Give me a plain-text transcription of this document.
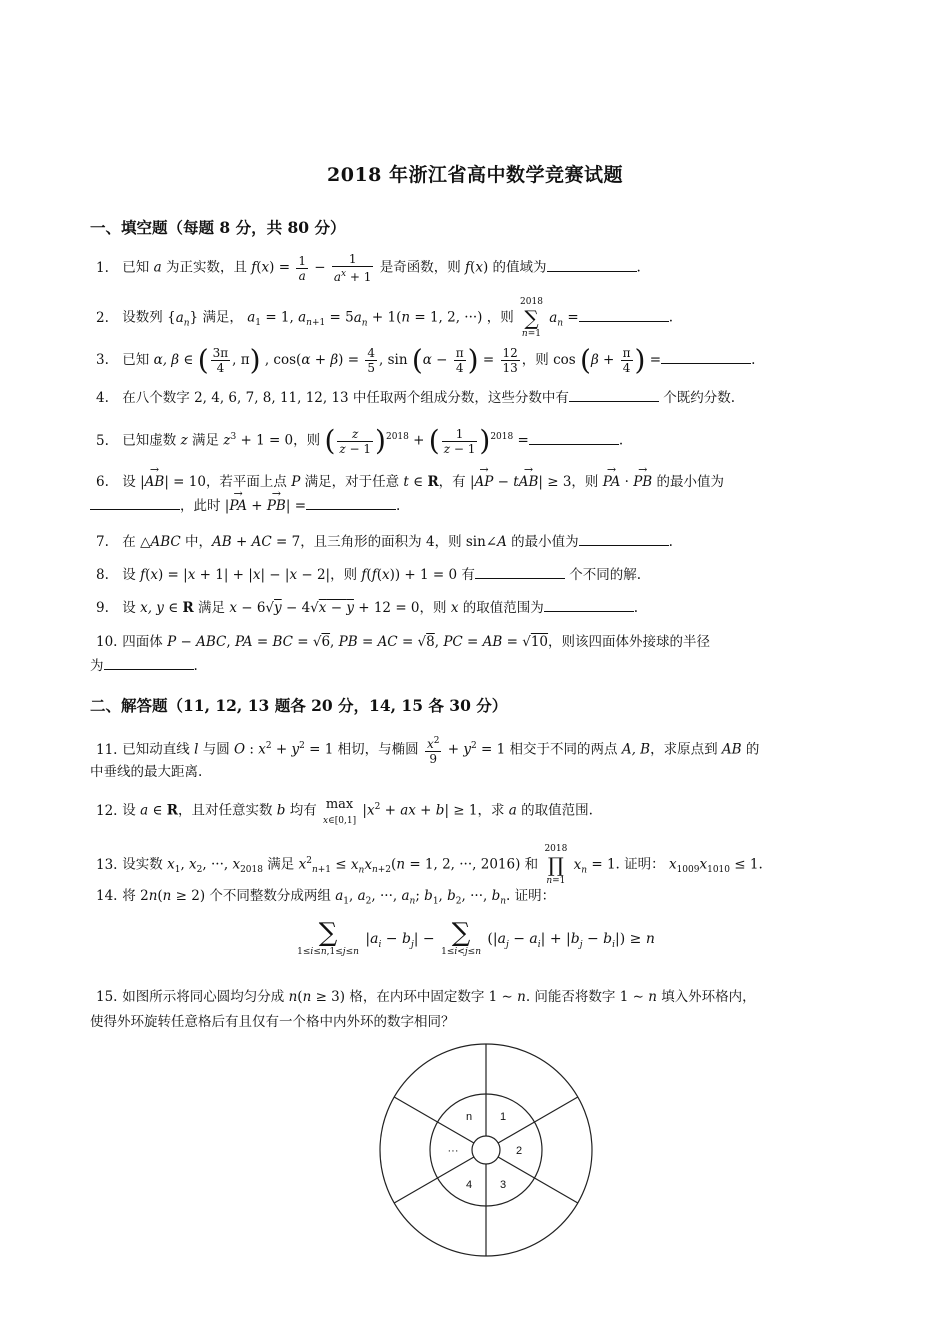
2018 年浙江省高中数学竞赛试题
一、填空题（每题 8 分，共 80 分）
1. 已知 a 为正实数，且 $f(x) = \frac{1}{a} - \frac{1}{a^x + 1}$ 是奇函数，则 f(x) 的值域为	.
2. 设数列 $\{a_n\}$ 满足， $a_1 = 1$, $a_{n+1} = 5a_n + 1(n = 1$, 2, ···) ，则
2018
∑
n=1
$a_n$ =	.
3. 已知 α, β ∈ ( $\frac{3\pi}{4}$ , π) , $\cos(\alpha + \beta) = \frac{4}{5}$ , $\sin (\alpha - \frac{\pi}{4}$ ) = $\frac{12}{13}$ ，则 $\cos (\beta + \frac{\pi}{4}$ ) =	.
4. 在八个数字 2, 4, 6, 7, 8, 11, 12, 13 中任取两个组成分数，这些分数中有	个既约分数.
5. 已知虚数 z 满足 $z^3 + 1 = 0$，则 ( $\frac{z}{z - 1} )^{2018}$ + ( $\frac{1}{z - 1} )^{2018}$ =	.
6. 设 |→ AB| = 10，若平面上点 P 满足，对于任意 t ∈ R，有 |→ AP − t→ AB| ≥ 3，则 → PA · → PB 的最小值为
，此时 |→ PA + → PB| =	.
7. 在 △ABC 中，AB + AC = 7，且三角形的面积为 4，则 sin∠A 的最小值为	.
8. 设 f(x) = |x + 1| + |x| − |x − 2|，则 f(f(x)) + 1 = 0 有	个不同的解.
9. 设 x, y ∈ R 满足 x − 6√y − 4√x − y + 12 = 0，则 x 的取值范围为	.
10. 四面体 P − ABC, PA = BC = √6, PB = AC = √8, PC = AB = √10，则该四面体外接球的半径
为	.
二、解答题（11, 12, 13 题各 20 分，14, 15 各 30 分）
11. 已知动直线 l 与圆 O : $x^2 + y^2 = 1$ 相切，与椭圆 $\frac{x^2}{9} + y^2 = 1$ 相交于不同的两点 A, B，求原点到 AB 的
中垂线的最大距离.
12. 设 a ∈ R，且对任意实数 b 均有 max
x∈[0,1]
$|x^2$ + ax + b| ≥ 1，求 a 的取值范围.
13. 设实数 $x_1$, $x_2$, ···, $x_{2018}$ 满足 $x^2_{n+1} \le x_nx_{n+2}(n = 1$, 2, ···, 2016) 和
2018
∏
n=1
$x_n = 1$. 证明： $x_{1009}x_{1010} \le 1$.
14. 将 2n(n ≥ 2) 个不同整数分成两组 $a_1$, $a_2$, ···, $a_n$; $b_1$, $b_2$, ···, $b_n$. 证明：
∑
1≤i≤n,1≤j≤n
$|a_i - b_j|$ − ∑
1≤i<j≤n
$(|a_j - a_i| + |b_j - b_i|) \ge n$
15. 如图所示将同心圆均匀分成 n(n ≥ 3) 格，在内环中固定数字 1 ∼ n. 问能否将数字 1 ∼ n 填入外环格内，
使得外环旋转任意格后有且仅有一个格中内外环的数字相同？
n	1
2
3
4
···
